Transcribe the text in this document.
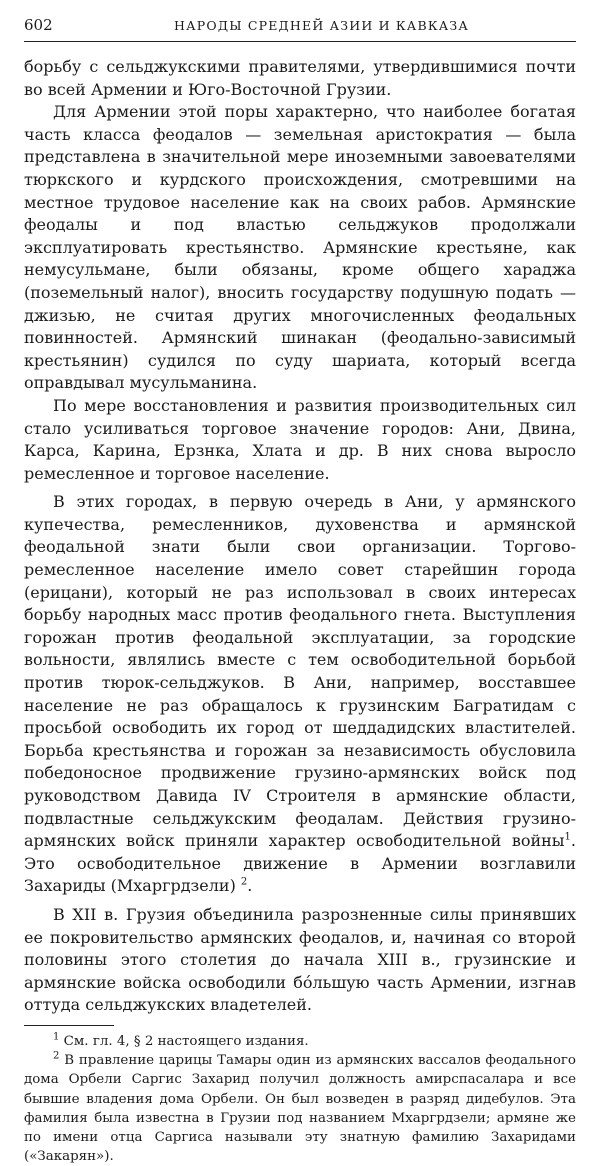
602	НАРОДЫ СРЕДНЕЙ АЗИИ И КАВКАЗА

борьбу с сельджукскими правителями, утвердившимися почти во всей Армении и Юго-Восточной Грузии.

Для Армении этой поры характерно, что наиболее богатая часть класса феодалов — земельная аристократия — была представлена в значительной мере иноземными завоевателями тюркского и курдского происхождения, смотревшими на местное трудовое население как на своих рабов. Армянские феодалы и под властью сельджуков продолжали эксплуатировать крестьянство. Армянские крестьяне, как немусульмане, были обязаны, кроме общего хараджа (поземельный налог), вносить государству подушную подать — джизью, не считая других многочисленных феодальных повинностей. Армянский шинакан (феодально-зависимый крестьянин) судился по суду шариата, который всегда оправдывал мусульманина.

По мере восстановления и развития производительных сил стало усиливаться торговое значение городов: Ани, Двина, Карса, Карина, Ерзнка, Хлата и др. В них снова выросло ремесленное и торговое население.

В этих городах, в первую очередь в Ани, у армянского купечества, ремесленников, духовенства и армянской феодальной знати были свои организации. Торгово-ремесленное население имело совет старейшин города (ерицани), который не раз использовал в своих интересах борьбу народных масс против феодального гнета. Выступления горожан против феодальной эксплуатации, за городские вольности, являлись вместе с тем освободительной борьбой против тюрок-сельджуков. В Ани, например, восставшее население не раз обращалось к грузинским Багратидам с просьбой освободить их город от шеддадидских властителей. Борьба крестьянства и горожан за независимость обусловила победоносное продвижение грузино-армянских войск под руководством Давида IV Строителя в армянские области, подвластные сельджукским феодалам. Действия грузино-армянских войск приняли характер освободительной войны$^1$. Это освободительное движение в Армении возглавили Захариды (Мхаргрдзели) $^2$.

В XII в. Грузия объединила разрозненные силы принявших ее покровительство армянских феодалов, и, начиная со второй половины этого столетия до начала XIII в., грузинские и армянские войска освободили бо́льшую часть Армении, изгнав оттуда сельджукских владетелей.

$^1$ См. гл. 4, § 2 настоящего издания.

$^2$ В правление царицы Тамары один из армянских вассалов феодального дома Орбели Саргис Захарид получил должность амирспасалара и все бывшие владения дома Орбели. Он был возведен в разряд дидебулов. Эта фамилия была известна в Грузии под названием Мхаргрдзели; армяне же по имени отца Саргиса называли эту знатную фамилию Захаридами («Закарян»).
